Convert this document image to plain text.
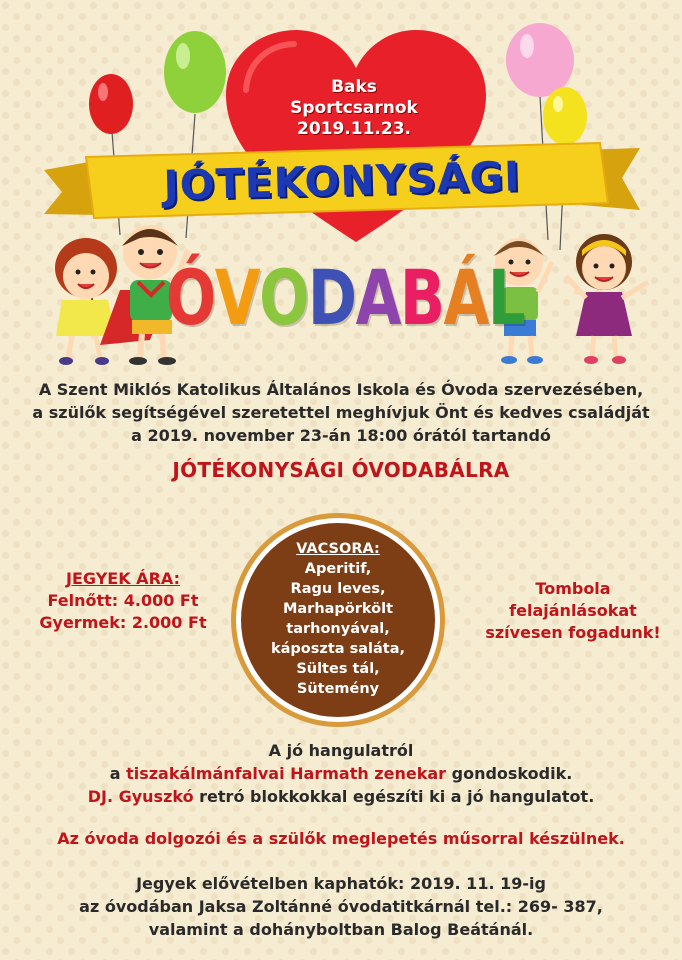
Baks
Sportcsarnok
2019.11.23.
JÓTÉKONYSÁGI
Ó V O D A B Á L
A Szent Miklós Katolikus Általános Iskola és Óvoda szervezésében,
a szülők segítségével szeretettel meghívjuk Önt és kedves családját
a 2019. november 23-án 18:00 órától tartandó
JÓTÉKONYSÁGI ÓVODABÁLRA
JEGYEK ÁRA:
Felnőtt: 4.000 Ft
Gyermek: 2.000 Ft
VACSORA:
Aperitif,
Ragu leves,
Marhapörkölt
tarhonyával,
káposzta saláta,
Sültes tál,
Sütemény
Tombola
felajánlásokat
szívesen fogadunk!
A jó hangulatról
a tiszakálmánfalvai Harmath zenekar gondoskodik.
DJ. Gyuszkó retró blokkokkal egészíti ki a jó hangulatot.
Az óvoda dolgozói és a szülők meglepetés műsorral készülnek.
Jegyek elővételben kaphatók: 2019. 11. 19-ig
az óvodában Jaksa Zoltánné óvodatitkárnál tel.: 269- 387,
valamint a dohányboltban Balog Beátánál.
